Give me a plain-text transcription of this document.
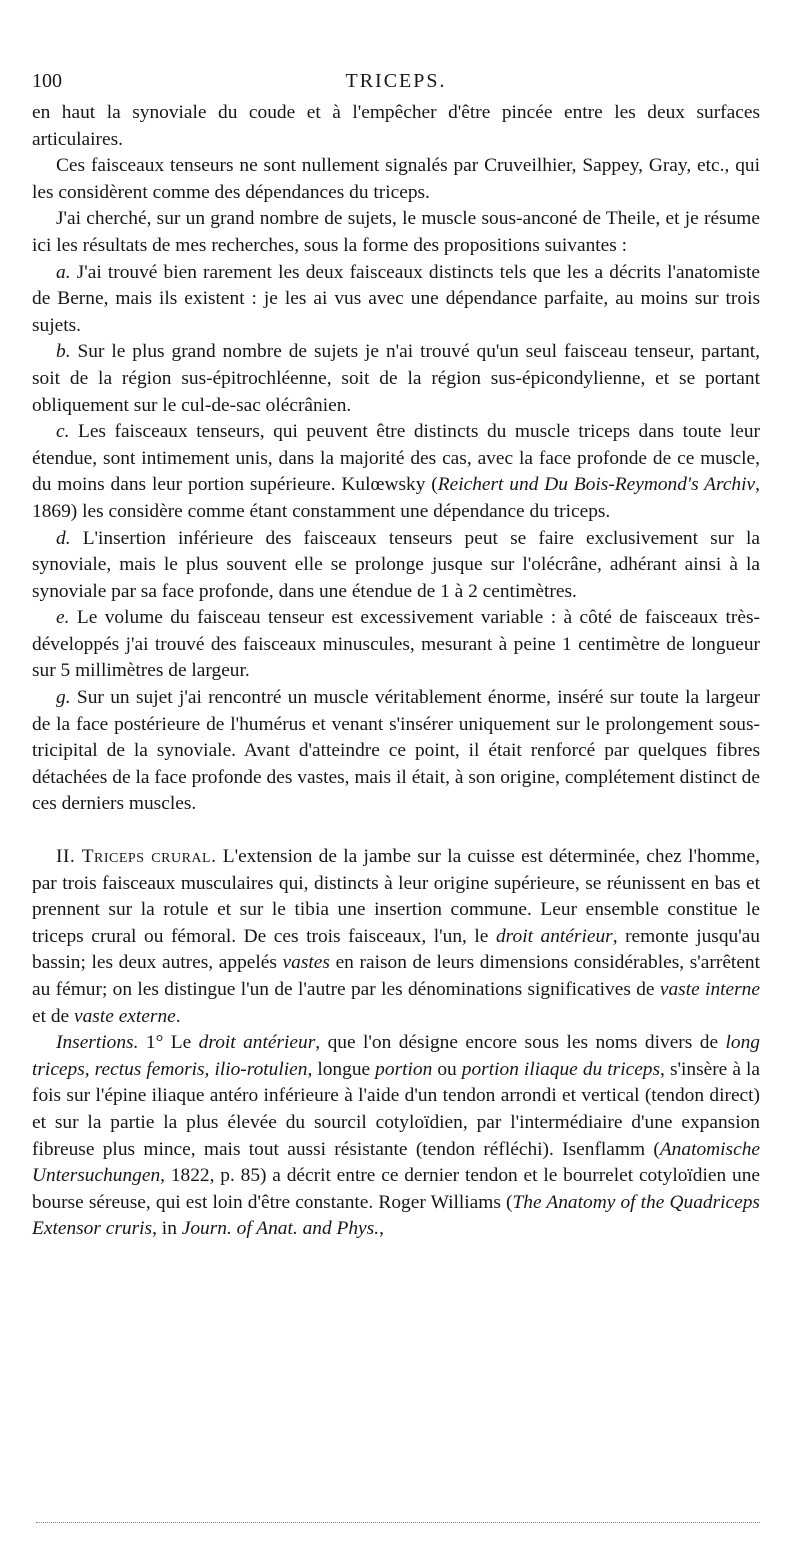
100	TRICEPS.

en haut la synoviale du coude et à l'empêcher d'être pincée entre les deux surfaces articulaires.

Ces faisceaux tenseurs ne sont nullement signalés par Cruveilhier, Sappey, Gray, etc., qui les considèrent comme des dépendances du triceps.

J'ai cherché, sur un grand nombre de sujets, le muscle sous-anconé de Theile, et je résume ici les résultats de mes recherches, sous la forme des propositions suivantes :

a. J'ai trouvé bien rarement les deux faisceaux distincts tels que les a décrits l'anatomiste de Berne, mais ils existent : je les ai vus avec une dépendance parfaite, au moins sur trois sujets.

b. Sur le plus grand nombre de sujets je n'ai trouvé qu'un seul faisceau tenseur, partant, soit de la région sus-épitrochléenne, soit de la région sus-épicondylienne, et se portant obliquement sur le cul-de-sac olécrânien.

c. Les faisceaux tenseurs, qui peuvent être distincts du muscle triceps dans toute leur étendue, sont intimement unis, dans la majorité des cas, avec la face profonde de ce muscle, du moins dans leur portion supérieure. Kulœwsky (Reichert und Du Bois-Reymond's Archiv, 1869) les considère comme étant constamment une dépendance du triceps.

d. L'insertion inférieure des faisceaux tenseurs peut se faire exclusivement sur la synoviale, mais le plus souvent elle se prolonge jusque sur l'olécrâne, adhérant ainsi à la synoviale par sa face profonde, dans une étendue de 1 à 2 centimètres.

e. Le volume du faisceau tenseur est excessivement variable : à côté de faisceaux très-développés j'ai trouvé des faisceaux minuscules, mesurant à peine 1 centimètre de longueur sur 5 millimètres de largeur.

g. Sur un sujet j'ai rencontré un muscle véritablement énorme, inséré sur toute la largeur de la face postérieure de l'humérus et venant s'insérer uniquement sur le prolongement sous-tricipital de la synoviale. Avant d'atteindre ce point, il était renforcé par quelques fibres détachées de la face profonde des vastes, mais il était, à son origine, complétement distinct de ces derniers muscles.

II. Triceps crural. L'extension de la jambe sur la cuisse est déterminée, chez l'homme, par trois faisceaux musculaires qui, distincts à leur origine supérieure, se réunissent en bas et prennent sur la rotule et sur le tibia une insertion commune. Leur ensemble constitue le triceps crural ou fémoral. De ces trois faisceaux, l'un, le droit antérieur, remonte jusqu'au bassin; les deux autres, appelés vastes en raison de leurs dimensions considérables, s'arrêtent au fémur; on les distingue l'un de l'autre par les dénominations significatives de vaste interne et de vaste externe.

Insertions. 1° Le droit antérieur, que l'on désigne encore sous les noms divers de long triceps, rectus femoris, ilio-rotulien, longue portion ou portion iliaque du triceps, s'insère à la fois sur l'épine iliaque antéro inférieure à l'aide d'un tendon arrondi et vertical (tendon direct) et sur la partie la plus élevée du sourcil cotyloïdien, par l'intermédiaire d'une expansion fibreuse plus mince, mais tout aussi résistante (tendon réfléchi). Isenflamm (Anatomische Untersuchungen, 1822, p. 85) a décrit entre ce dernier tendon et le bourrelet cotyloïdien une bourse séreuse, qui est loin d'être constante. Roger Williams (The Anatomy of the Quadriceps Extensor cruris, in Journ. of Anat. and Phys.,
